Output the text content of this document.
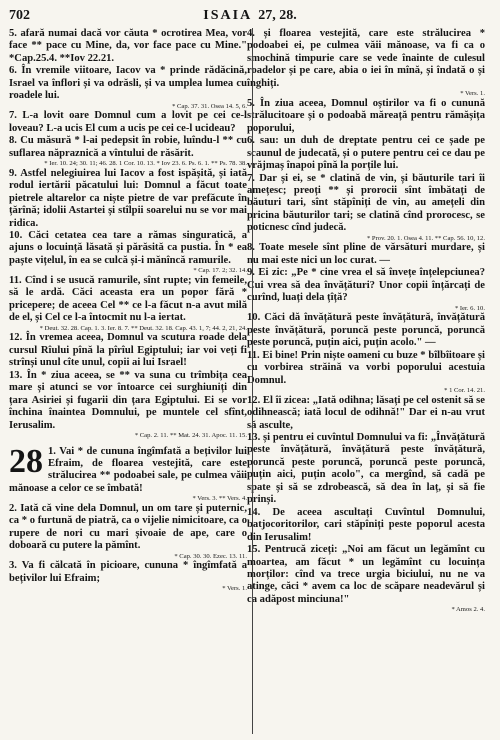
702	ISAIA 27, 28.

5. afară numai dacă vor căuta * ocrotirea Mea, vor face ** pace cu Mine, da, vor face pace cu Mine." *Cap.25.4. **Iov 22.21.

6. În vremile viitoare, Iacov va * prinde rădăcină, Israel va înflori și va odrăsli, și va umplea lumea cu roadele lui.
* Cap. 37. 31. Osea 14. 5, 6.

7. L-a lovit oare Domnul cum a lovit pe cei ce-l loveau? L-a ucis El cum a ucis pe cei ce-l ucideau?

8. Cu măsură * l-ai pedepsit în robie, luîndu-l ** cu suflarea năpraznică a vîntului de răsărit.
* Ier. 10. 24; 30. 11; 46. 28. 1 Cor. 10. 13. * Iov 23. 6. Ps. 6. 1. ** Ps. 78. 38.

9. Astfel nelegiuirea lui Iacov a fost ispășită, și iată rodul iertării păcatului lui: Domnul a făcut toate pietrele altarelor ca niște pietre de var prefăcute în țărînă; idolii Astartei și stîlpii soarelui nu se vor mai ridica.

10. Căci cetatea cea tare a rămas singuratică, a ajuns o locuință lăsată și părăsită ca pustia. În * ea paște vițelul, în ea se culcă și-i mănîncă ramurile.
* Cap. 17. 2; 32. 14.

11. Cînd i se usucă ramurile, sînt rupte; vin femeile, să le ardă. Căci aceasta era un popor fără * pricepere; de aceea Cel ** ce l-a făcut n-a avut milă de el, și Cel ce l-a întocmit nu l-a iertat.
* Deut. 32. 28. Cap. 1. 3. Ier. 8. 7. ** Deut. 32. 18. Cap. 43. 1, 7; 44. 2, 21, 24.

12. În vremea aceea, Domnul va scutura roade dela cursul Rîului pînă la pîrîul Egiptului; iar voi veți fi strînși unul cîte unul, copii ai lui Israel!

13. În * ziua aceea, se ** va suna cu trîmbița cea mare și atunci se vor întoarce cei surghiuniți din țara Asiriei și fugarii din țara Egiptului. Ei se vor închina înaintea Domnului, pe muntele cel sfînt, Ierusalim.
* Cap. 2. 11. ** Mat. 24. 31. Apoc. 11. 15.

28 1. Vai * de cununa îngîmfată a bețivilor lui Efraim, de floarea vestejită, care este strălucirea ** podoabei sale, pe culmea văii mănoase a celor ce se îmbată!
* Vers. 3. ** Vers. 4.

2. Iată că vine dela Domnul, un om tare și puternic, ca * o furtună de piatră, ca o vijelie nimicitoare, ca o rupere de nori cu mari șivoaie de ape, care o doboară cu putere la pămînt.
* Cap. 30. 30. Ezec. 13. 11.

3. Va fi călcată în picioare, cununa * îngîmfată a bețivilor lui Efraim;
* Vers. 1.

4. și floarea vestejită, care este strălucirea * podoabei ei, pe culmea văii mănoase, va fi ca o smochină timpurie care se vede înainte de culesul roadelor și pe care, abia o iei în mînă, și îndată o și înghiți.
* Vers. 1.

5. În ziua aceea, Domnul oștirilor va fi o cunună strălucitoare și o podoabă măreață pentru rămășița poporului,

6. sau: un duh de dreptate pentru cei ce șade pe scaunul de judecată, și o putere pentru cei ce dau pe vrăjmaș înapoi pînă la porțile lui.

7. Dar și ei, se * clatină de vin, și băuturile tari îi amețesc; preoți ** și prorocii sînt îmbătați de băuturi tari, sînt stăpîniți de vin, au amețeli din pricina băuturilor tari; se clatină cînd prorocesc, se poticnesc cînd judecă.
* Prov. 20. 1. Osea 4. 11. ** Cap. 56. 10, 12.

8. Toate mesele sînt pline de vărsături murdare, și nu mai este nici un loc curat. —

9. Ei zic: „Pe * cine vrea el să învețe înțelepciunea? Cui vrea să dea învățături? Unor copii înțărcați de curînd, luați dela țîță?
* Ier. 6. 10.

10. Căci dă învățătură peste învățătură, învățătură peste învățătură, poruncă peste poruncă, poruncă peste poruncă, puțin aici, puțin acolo." —

11. Ei bine! Prin niște oameni cu buze * bîlbîitoare și cu vorbirea străină va vorbi poporului acestuia Domnul.
* 1 Cor. 14. 21.

12. El îi zicea: „Iată odihna; lăsați pe cel ostenit să se odihnească; iată locul de odihnă!" Dar ei n-au vrut să asculte,

13. și pentru ei cuvîntul Domnului va fi: „Învățătură peste învățătură, învățătură peste învățătură, poruncă peste poruncă, poruncă peste poruncă, puțin aici, puțin acolo", ca mergînd, să cadă pe spate și să se zdrobească, să dea în laț, și să fie prinși.

14. De aceea ascultați Cuvîntul Domnului, batjocoritorilor, cari stăpîniți peste poporul acesta din Ierusalim!

15. Pentrucă ziceți: „Noi am făcut un legămînt cu moartea, am făcut * un legămînt cu locuința morților: cînd va trece urgia biciului, nu ne va atinge, căci * avem ca loc de scăpare neadevărul și ca adăpost minciuna!"
* Amos 2. 4.
